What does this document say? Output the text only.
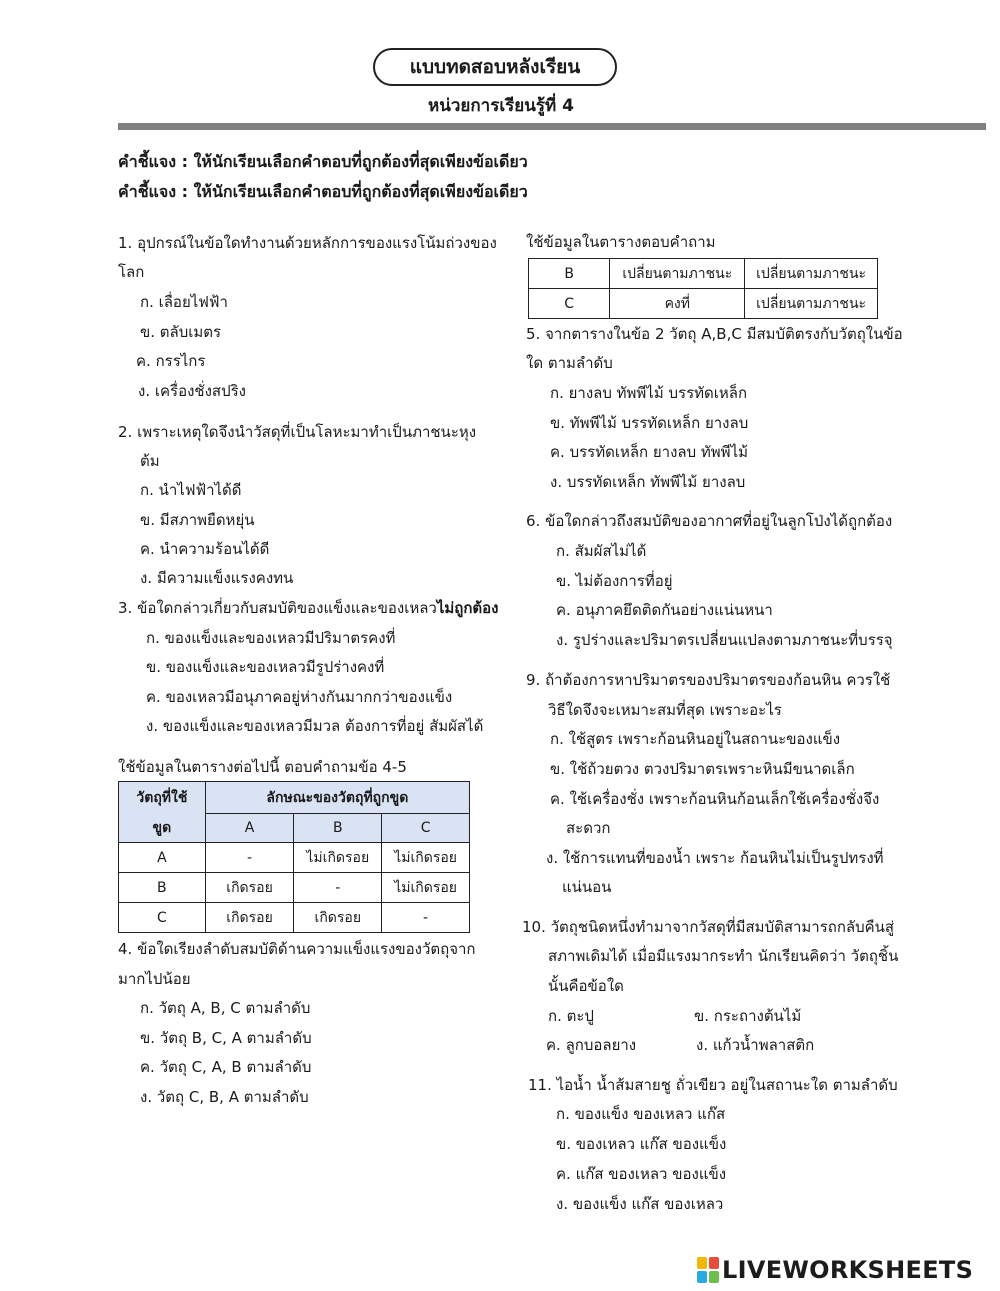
แบบทดสอบหลังเรียน
หน่วยการเรียนรู้ที่ 4
คำชี้แจง : ให้นักเรียนเลือกคำตอบที่ถูกต้องที่สุดเพียงข้อเดียว
คำชี้แจง : ให้นักเรียนเลือกคำตอบที่ถูกต้องที่สุดเพียงข้อเดียว
1. อุปกรณ์ในข้อใดทำงานด้วยหลักการของแรงโน้มถ่วงของ
โลก
ก. เลื่อยไฟฟ้า
ข. ตลับเมตร
ค. กรรไกร
ง. เครื่องชั่งสปริง
2. เพราะเหตุใดจึงนำวัสดุที่เป็นโลหะมาทำเป็นภาชนะหุง
ต้ม
ก. นำไฟฟ้าได้ดี
ข. มีสภาพยืดหยุ่น
ค. นำความร้อนได้ดี
ง. มีความแข็งแรงคงทน
3. ข้อใดกล่าวเกี่ยวกับสมบัติของแข็งและของเหลวไม่ถูกต้อง
ก. ของแข็งและของเหลวมีปริมาตรคงที่
ข. ของแข็งและของเหลวมีรูปร่างคงที่
ค. ของเหลวมีอนุภาคอยู่ห่างกันมากกว่าของแข็ง
ง. ของแข็งและของเหลวมีมวล ต้องการที่อยู่ สัมผัสได้
ใช้ข้อมูลในตารางต่อไปนี้ ตอบคำถามข้อ 4-5
วัตถุที่ใช้	ลักษณะของวัตถุที่ถูกขูด		
ขูด	A	B	C
A	-	ไม่เกิดรอย	ไม่เกิดรอย
B	เกิดรอย	-	ไม่เกิดรอย
C	เกิดรอย	เกิดรอย	-
4. ข้อใดเรียงลำดับสมบัติด้านความแข็งแรงของวัตถุจาก
มากไปน้อย
ก. วัตถุ A, B, C ตามลำดับ
ข. วัตถุ B, C, A ตามลำดับ
ค. วัตถุ C, A, B ตามลำดับ
ง. วัตถุ C, B, A ตามลำดับ
ใช้ข้อมูลในตารางตอบคำถาม
B	เปลี่ยนตามภาชนะ	เปลี่ยนตามภาชนะ
C	คงที่	เปลี่ยนตามภาชนะ
5. จากตารางในข้อ 2 วัตถุ A,B,C มีสมบัติตรงกับวัตถุในข้อ
ใด ตามลำดับ
ก. ยางลบ ทัพพีไม้ บรรทัดเหล็ก
ข. ทัพพีไม้ บรรทัดเหล็ก ยางลบ
ค. บรรทัดเหล็ก ยางลบ ทัพพีไม้
ง. บรรทัดเหล็ก ทัพพีไม้ ยางลบ
6. ข้อใดกล่าวถึงสมบัติของอากาศที่อยู่ในลูกโป่งได้ถูกต้อง
ก. สัมผัสไม่ได้
ข. ไม่ต้องการที่อยู่
ค. อนุภาคยึดติดกันอย่างแน่นหนา
ง. รูปร่างและปริมาตรเปลี่ยนแปลงตามภาชนะที่บรรจุ
9. ถ้าต้องการหาปริมาตรของปริมาตรของก้อนหิน ควรใช้
วิธีใดจึงจะเหมาะสมที่สุด เพราะอะไร
ก. ใช้สูตร เพราะก้อนหินอยู่ในสถานะของแข็ง
ข. ใช้ถ้วยตวง ตวงปริมาตรเพราะหินมีขนาดเล็ก
ค. ใช้เครื่องชั่ง เพราะก้อนหินก้อนเล็กใช้เครื่องชั่งจึง
สะดวก
ง. ใช้การแทนที่ของน้ำ เพราะ ก้อนหินไม่เป็นรูปทรงที่
แน่นอน
10. วัตถุชนิดหนึ่งทำมาจากวัสดุที่มีสมบัติสามารถกลับคืนสู่
สภาพเดิมได้ เมื่อมีแรงมากระทำ นักเรียนคิดว่า วัตถุชิ้น
นั้นคือข้อใด
ก. ตะปู	ข. กระถางต้นไม้
ค. ลูกบอลยาง	ง. แก้วน้ำพลาสติก
11. ไอน้ำ น้ำส้มสายชู ถั่วเขียว อยู่ในสถานะใด ตามลำดับ
ก. ของแข็ง ของเหลว แก๊ส
ข. ของเหลว แก๊ส ของแข็ง
ค. แก๊ส ของเหลว ของแข็ง
ง. ของแข็ง แก๊ส ของเหลว
LIVEWORKSHEETS
